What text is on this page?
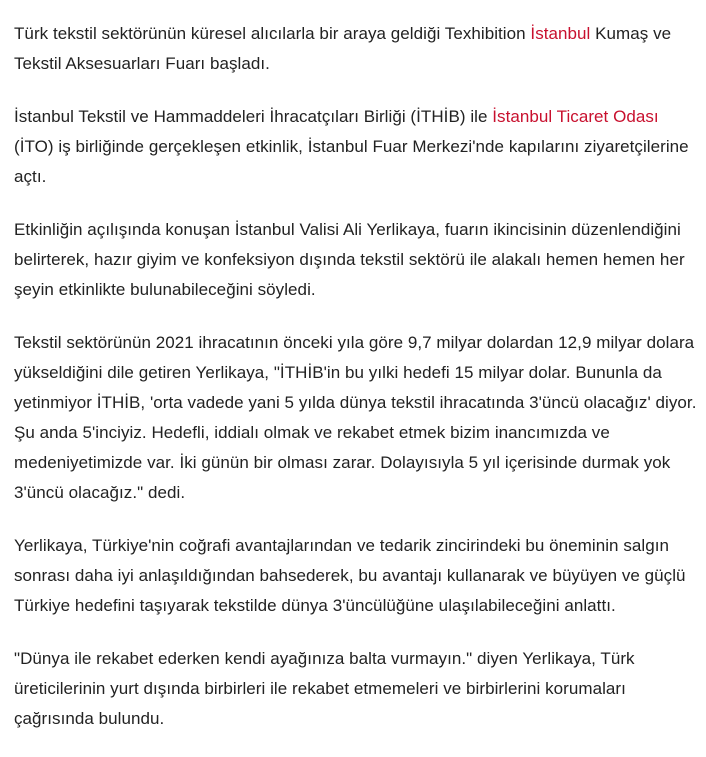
Türk tekstil sektörünün küresel alıcılarla bir araya geldiği Texhibition İstanbul Kumaş ve Tekstil Aksesuarları Fuarı başladı.

İstanbul Tekstil ve Hammaddeleri İhracatçıları Birliği (İTHİB) ile İstanbul Ticaret Odası (İTO) iş birliğinde gerçekleşen etkinlik, İstanbul Fuar Merkezi'nde kapılarını ziyaretçilerine açtı.

Etkinliğin açılışında konuşan İstanbul Valisi Ali Yerlikaya, fuarın ikincisinin düzenlendiğini belirterek, hazır giyim ve konfeksiyon dışında tekstil sektörü ile alakalı hemen hemen her şeyin etkinlikte bulunabileceğini söyledi.

Tekstil sektörünün 2021 ihracatının önceki yıla göre 9,7 milyar dolardan 12,9 milyar dolara yükseldiğini dile getiren Yerlikaya, "İTHİB'in bu yılki hedefi 15 milyar dolar. Bununla da yetinmiyor İTHİB, 'orta vadede yani 5 yılda dünya tekstil ihracatında 3'üncü olacağız' diyor. Şu anda 5'inciyiz. Hedefli, iddialı olmak ve rekabet etmek bizim inancımızda ve medeniyetimizde var. İki günün bir olması zarar. Dolayısıyla 5 yıl içerisinde durmak yok 3'üncü olacağız." dedi.

Yerlikaya, Türkiye'nin coğrafi avantajlarından ve tedarik zincirindeki bu öneminin salgın sonrası daha iyi anlaşıldığından bahsederek, bu avantajı kullanarak ve büyüyen ve güçlü Türkiye hedefini taşıyarak tekstilde dünya 3'üncülüğüne ulaşılabileceğini anlattı.

"Dünya ile rekabet ederken kendi ayağınıza balta vurmayın." diyen Yerlikaya, Türk üreticilerinin yurt dışında birbirleri ile rekabet etmemeleri ve birbirlerini korumaları çağrısında bulundu.
